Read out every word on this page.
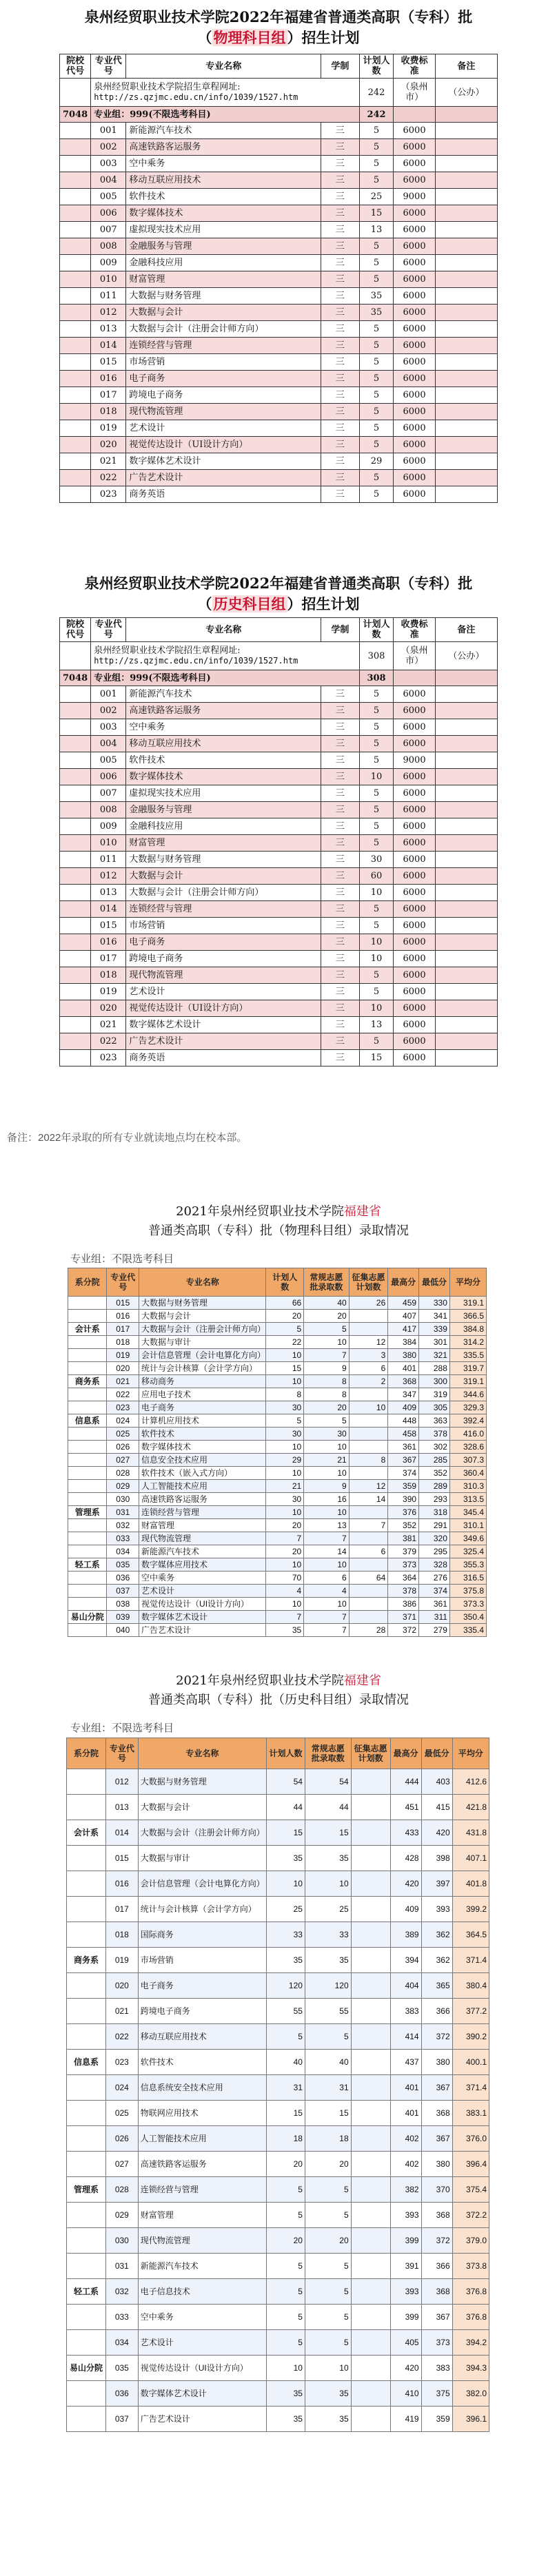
泉州经贸职业技术学院2022年福建省普通类高职（专科）批
（物理科目组）招生计划
院校代号	专业代号	专业名称	学制	计划人数	收费标准	备注

	泉州经贸职业技术学院招生章程网址:
http://zs.qzjmc.edu.cn/info/1039/1527.htm			242	（泉州市）	（公办）
7048	专业组：999(不限选考科目)			242		
	001	新能源汽车技术	三	5	6000	
	002	高速铁路客运服务	三	5	6000	
	003	空中乘务	三	5	6000	
	004	移动互联应用技术	三	5	6000	
	005	软件技术	三	25	9000	
	006	数字媒体技术	三	15	6000	
	007	虚拟现实技术应用	三	13	6000	
	008	金融服务与管理	三	5	6000	
	009	金融科技应用	三	5	6000	
	010	财富管理	三	5	6000	
	011	大数据与财务管理	三	35	6000	
	012	大数据与会计	三	35	6000	
	013	大数据与会计（注册会计师方向）	三	5	6000	
	014	连锁经营与管理	三	5	6000	
	015	市场营销	三	5	6000	
	016	电子商务	三	5	6000	
	017	跨境电子商务	三	5	6000	
	018	现代物流管理	三	5	6000	
	019	艺术设计	三	5	6000	
	020	视觉传达设计（UI设计方向）	三	5	6000	
	021	数字媒体艺术设计	三	29	6000	
	022	广告艺术设计	三	5	6000	
	023	商务英语	三	5	6000	
泉州经贸职业技术学院2022年福建省普通类高职（专科）批
（历史科目组）招生计划
院校代号	专业代号	专业名称	学制	计划人数	收费标准	备注

	泉州经贸职业技术学院招生章程网址:
http://zs.qzjmc.edu.cn/info/1039/1527.htm			308	（泉州市）	（公办）
7048	专业组：999(不限选考科目)			308		
	001	新能源汽车技术	三	5	6000	
	002	高速铁路客运服务	三	5	6000	
	003	空中乘务	三	5	6000	
	004	移动互联应用技术	三	5	6000	
	005	软件技术	三	5	9000	
	006	数字媒体技术	三	10	6000	
	007	虚拟现实技术应用	三	5	6000	
	008	金融服务与管理	三	5	6000	
	009	金融科技应用	三	5	6000	
	010	财富管理	三	5	6000	
	011	大数据与财务管理	三	30	6000	
	012	大数据与会计	三	60	6000	
	013	大数据与会计（注册会计师方向）	三	10	6000	
	014	连锁经营与管理	三	5	6000	
	015	市场营销	三	5	6000	
	016	电子商务	三	10	6000	
	017	跨境电子商务	三	10	6000	
	018	现代物流管理	三	5	6000	
	019	艺术设计	三	5	6000	
	020	视觉传达设计（UI设计方向）	三	10	6000	
	021	数字媒体艺术设计	三	13	6000	
	022	广告艺术设计	三	5	6000	
	023	商务英语	三	15	6000	
备注：2022年录取的所有专业就读地点均在校本部。
2021年泉州经贸职业技术学院福建省
普通类高职（专科）批（物理科目组）录取情况
专业组：不限选考科目
系分院	专业代号	专业名称	计划人数	常规志愿批录取数	征集志愿计划数	最高分	最低分	平均分
	015	大数据与财务管理	66	40	26	459	330	319.1
	016	大数据与会计	20	20		407	341	366.5
会计系	017	大数据与会计（注册会计师方向）	5	5		417	339	384.8
	018	大数据与审计	22	10	12	384	301	314.2
	019	会计信息管理（会计电算化方向）	10	7	3	380	321	335.5
	020	统计与会计核算（会计学方向）	15	9	6	401	288	319.7
商务系	021	移动商务	10	8	2	368	300	319.1
	022	应用电子技术	8	8		347	319	344.6
	023	电子商务	30	20	10	409	305	329.3
信息系	024	计算机应用技术	5	5		448	363	392.4
	025	软件技术	30	30		458	378	416.0
	026	数字媒体技术	10	10		361	302	328.6
	027	信息安全技术应用	29	21	8	367	285	307.3
	028	软件技术（嵌入式方向）	10	10		374	352	360.4
	029	人工智能技术应用	21	9	12	359	289	310.3
	030	高速铁路客运服务	30	16	14	390	293	313.5
管理系	031	连锁经营与管理	10	10		376	318	345.4
	032	财富管理	20	13	7	352	291	310.1
	033	现代物流管理	7	7		381	320	349.6
	034	新能源汽车技术	20	14	6	379	295	325.4
轻工系	035	数字媒体应用技术	10	10		373	328	355.3
	036	空中乘务	70	6	64	364	276	316.5
	037	艺术设计	4	4		378	374	375.8
	038	视觉传达设计（UI设计方向）	10	10		386	361	373.3
易山分院	039	数字媒体艺术设计	7	7		371	311	350.4
	040	广告艺术设计	35	7	28	372	279	335.4
2021年泉州经贸职业技术学院福建省
普通类高职（专科）批（历史科目组）录取情况
专业组：不限选考科目
系分院	专业代号	专业名称	计划人数	常规志愿批录取数	征集志愿计划数	最高分	最低分	平均分
	012	大数据与财务管理	54	54		444	403	412.6
	013	大数据与会计	44	44		451	415	421.8
会计系	014	大数据与会计（注册会计师方向）	15	15		433	420	431.8
	015	大数据与审计	35	35		428	398	407.1
	016	会计信息管理（会计电算化方向）	10	10		420	397	401.8
	017	统计与会计核算（会计学方向）	25	25		409	393	399.2
	018	国际商务	33	33		389	362	364.5
商务系	019	市场营销	35	35		394	362	371.4
	020	电子商务	120	120		404	365	380.4
	021	跨境电子商务	55	55		383	366	377.2
	022	移动互联应用技术	5	5		414	372	390.2
信息系	023	软件技术	40	40		437	380	400.1
	024	信息系统安全技术应用	31	31		401	367	371.4
	025	物联网应用技术	15	15		401	368	383.1
	026	人工智能技术应用	18	18		402	367	376.0
	027	高速铁路客运服务	20	20		402	380	396.4
管理系	028	连锁经营与管理	5	5		382	370	375.4
	029	财富管理	5	5		393	368	372.2
	030	现代物流管理	20	20		399	372	379.0
	031	新能源汽车技术	5	5		391	366	373.8
轻工系	032	电子信息技术	5	5		393	368	376.8
	033	空中乘务	5	5		399	367	376.8
	034	艺术设计	5	5		405	373	394.2
易山分院	035	视觉传达设计（UI设计方向）	10	10		420	383	394.3
	036	数字媒体艺术设计	35	35		410	375	382.0
	037	广告艺术设计	35	35		419	359	396.1
